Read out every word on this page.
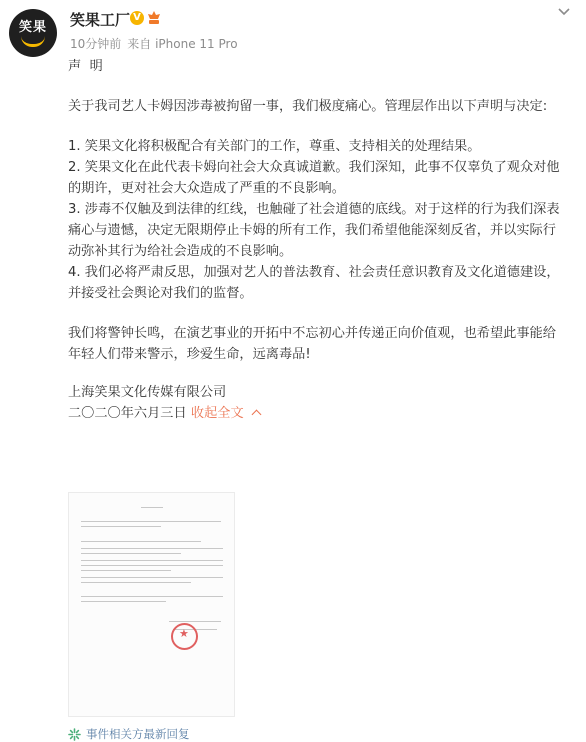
笑果 笑果工厂 V
10分钟前 来自 iPhone 11 Pro

声  明

关于我司艺人卡姆因涉毒被拘留一事，我们极度痛心。管理层作出以下声明与决定:

1. 笑果文化将积极配合有关部门的工作，尊重、支持相关的处理结果。

2. 笑果文化在此代表卡姆向社会大众真诚道歉。我们深知，此事不仅辜负了观众对他的期许，更对社会大众造成了严重的不良影响。

3. 涉毒不仅触及到法律的红线，也触碰了社会道德的底线。对于这样的行为我们深表痛心与遗憾，决定无限期停止卡姆的所有工作，我们希望他能深刻反省，并以实际行动弥补其行为给社会造成的不良影响。

4. 我们必将严肃反思，加强对艺人的普法教育、社会责任意识教育及文化道德建设，并接受社会舆论对我们的监督。

我们将警钟长鸣，在演艺事业的开拓中不忘初心并传递正向价值观，也希望此事能给年轻人们带来警示，珍爱生命，远离毒品!

上海笑果文化传媒有限公司

二〇二〇年六月三日 收起全文

★
事件相关方最新回复
